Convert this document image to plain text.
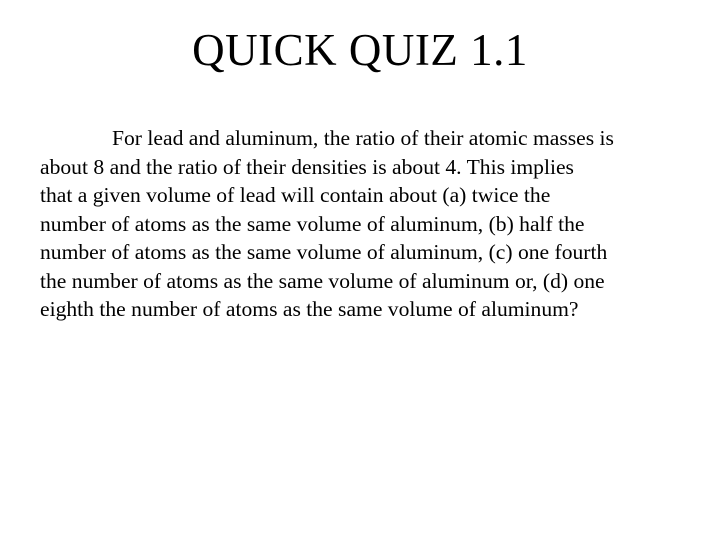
QUICK QUIZ 1.1
For lead and aluminum, the ratio of their atomic masses is
about 8 and the ratio of their densities is about 4. This implies
that a given volume of lead will contain about (a) twice the
number of atoms as the same volume of aluminum, (b) half the
number of atoms as the same volume of aluminum, (c) one fourth
the number of atoms as the same volume of aluminum or, (d) one
eighth the number of atoms as the same volume of aluminum?
